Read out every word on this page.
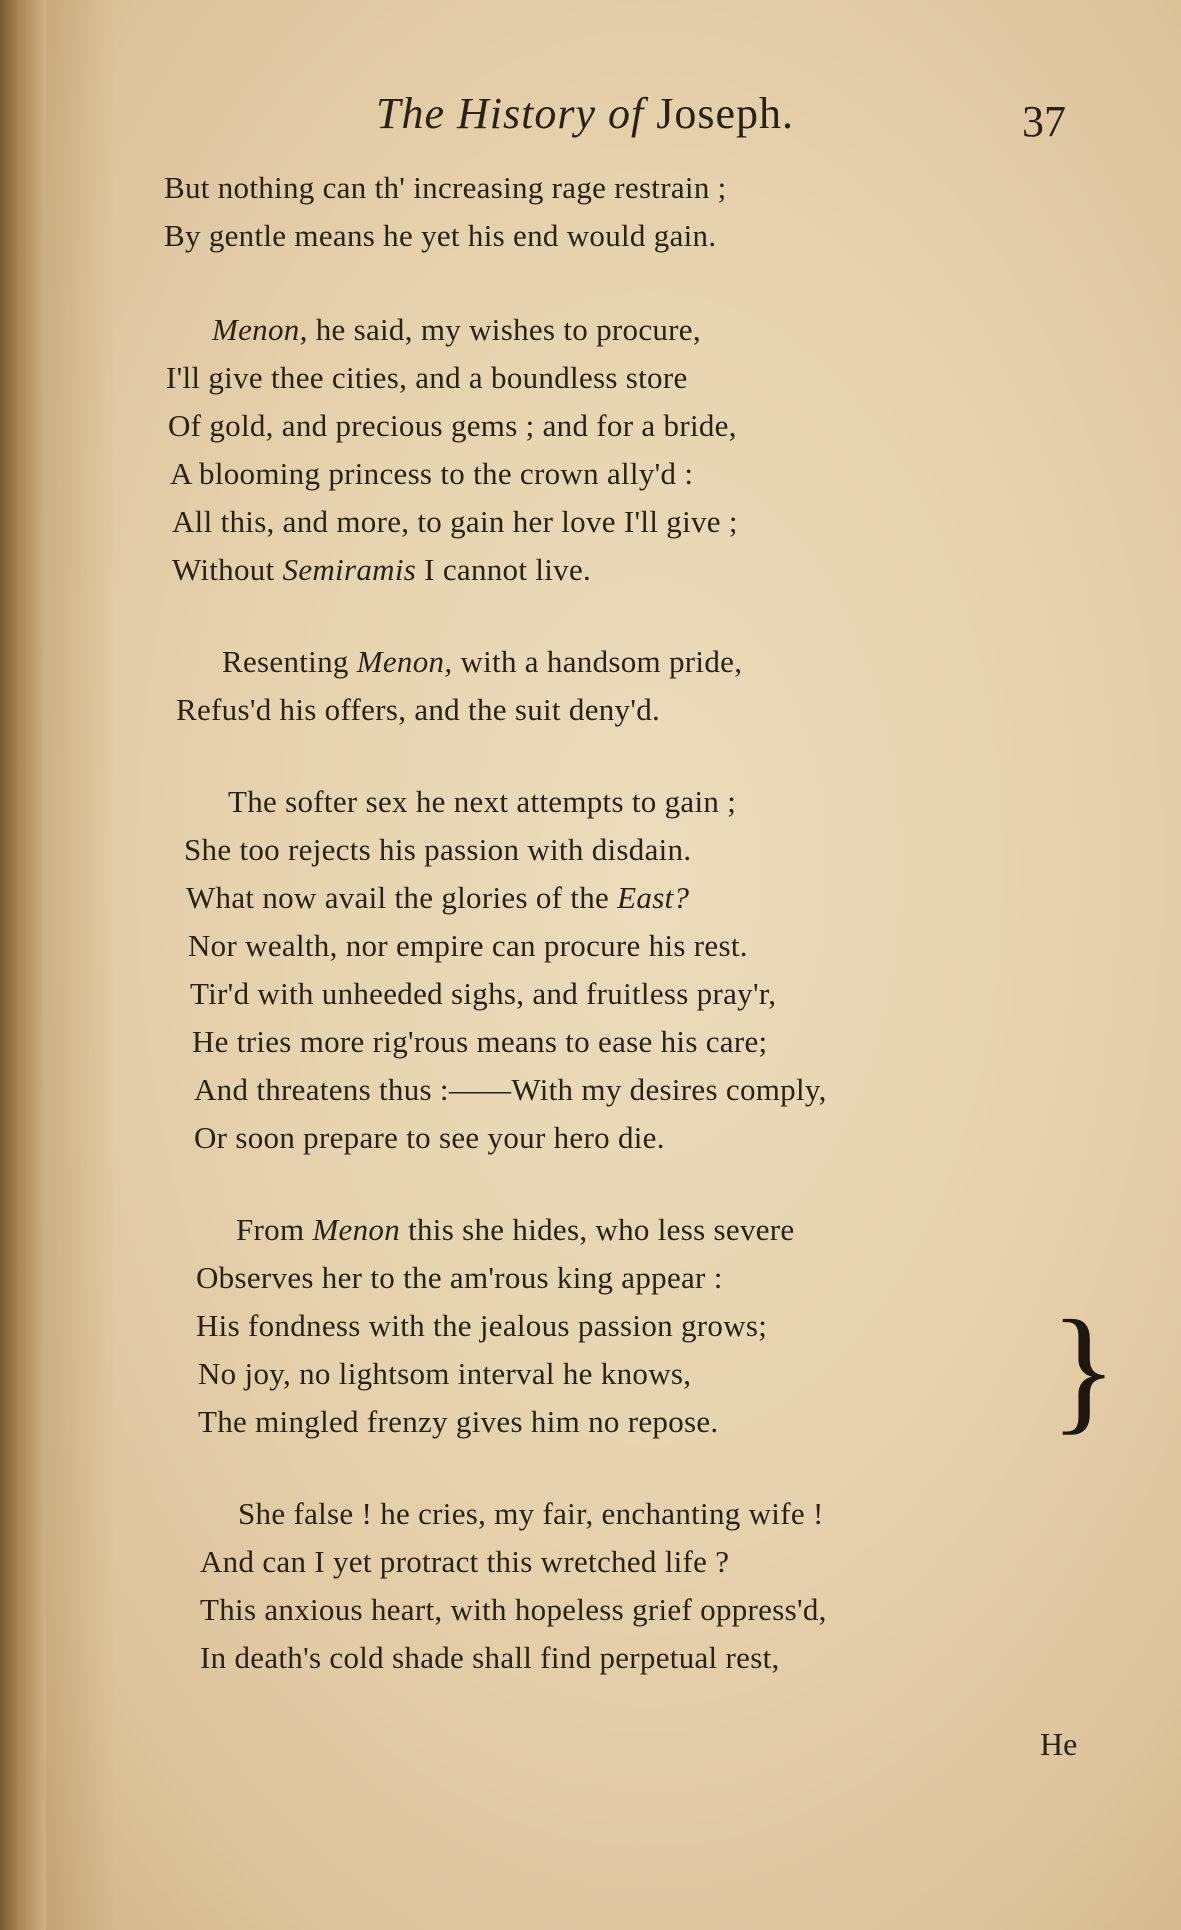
The History of Joseph.	37
But nothing can th' increasing rage restrain ;
By gentle means he yet his end would gain.
Menon, he said, my wishes to procure,
I'll give thee cities, and a boundless store
Of gold, and precious gems ; and for a bride,
A blooming princess to the crown ally'd :
All this, and more, to gain her love I'll give ;
Without Semiramis I cannot live.
Resenting Menon, with a handsom pride,
Refus'd his offers, and the suit deny'd.
The softer sex he next attempts to gain ;
She too rejects his passion with disdain.
What now avail the glories of the East?
Nor wealth, nor empire can procure his rest.
Tir'd with unheeded sighs, and fruitless pray'r,
He tries more rig'rous means to ease his care;
And threatens thus :——With my desires comply,
Or soon prepare to see your hero die.
From Menon this she hides, who less severe
Observes her to the am'rous king appear :
His fondness with the jealous passion grows;
No joy, no lightsom interval he knows,
The mingled frenzy gives him no repose. }
She false ! he cries, my fair, enchanting wife !
And can I yet protract this wretched life ?
This anxious heart, with hopeless grief oppress'd,
In death's cold shade shall find perpetual rest,
He
